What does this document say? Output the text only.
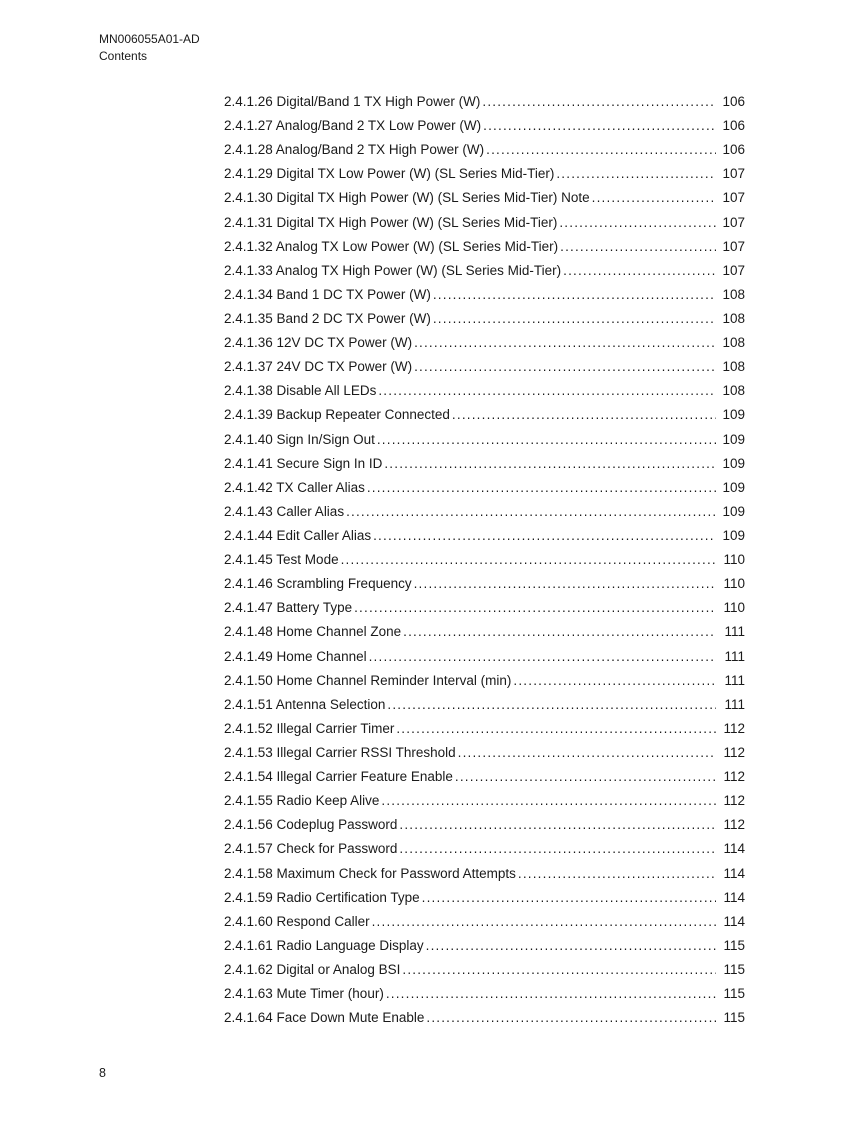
MN006055A01-AD
Contents
2.4.1.26 Digital/Band 1 TX High Power (W) .....	106
2.4.1.27 Analog/Band 2 TX Low Power (W) .....	106
2.4.1.28 Analog/Band 2 TX High Power (W) .....	106
2.4.1.29 Digital TX Low Power (W) (SL Series Mid-Tier) .....	107
2.4.1.30 Digital TX High Power (W) (SL Series Mid-Tier) Note .....	107
2.4.1.31 Digital TX High Power (W) (SL Series Mid-Tier) .....	107
2.4.1.32 Analog TX Low Power (W) (SL Series Mid-Tier) .....	107
2.4.1.33 Analog TX High Power (W) (SL Series Mid-Tier) .....	107
2.4.1.34 Band 1 DC TX Power (W) .....	108
2.4.1.35 Band 2 DC TX Power (W) .....	108
2.4.1.36 12V DC TX Power (W) .....	108
2.4.1.37 24V DC TX Power (W) .....	108
2.4.1.38 Disable All LEDs .....	108
2.4.1.39 Backup Repeater Connected .....	109
2.4.1.40 Sign In/Sign Out .....	109
2.4.1.41 Secure Sign In ID .....	109
2.4.1.42 TX Caller Alias .....	109
2.4.1.43 Caller Alias .....	109
2.4.1.44 Edit Caller Alias .....	109
2.4.1.45 Test Mode .....	110
2.4.1.46 Scrambling Frequency .....	110
2.4.1.47 Battery Type .....	110
2.4.1.48 Home Channel Zone .....	111
2.4.1.49 Home Channel .....	111
2.4.1.50 Home Channel Reminder Interval (min) .....	111
2.4.1.51 Antenna Selection .....	111
2.4.1.52 Illegal Carrier Timer .....	112
2.4.1.53 Illegal Carrier RSSI Threshold .....	112
2.4.1.54 Illegal Carrier Feature Enable .....	112
2.4.1.55 Radio Keep Alive .....	112
2.4.1.56 Codeplug Password .....	112
2.4.1.57 Check for Password .....	114
2.4.1.58 Maximum Check for Password Attempts .....	114
2.4.1.59 Radio Certification Type .....	114
2.4.1.60 Respond Caller .....	114
2.4.1.61 Radio Language Display .....	115
2.4.1.62 Digital or Analog BSI .....	115
2.4.1.63 Mute Timer (hour) .....	115
2.4.1.64 Face Down Mute Enable .....	115
8
